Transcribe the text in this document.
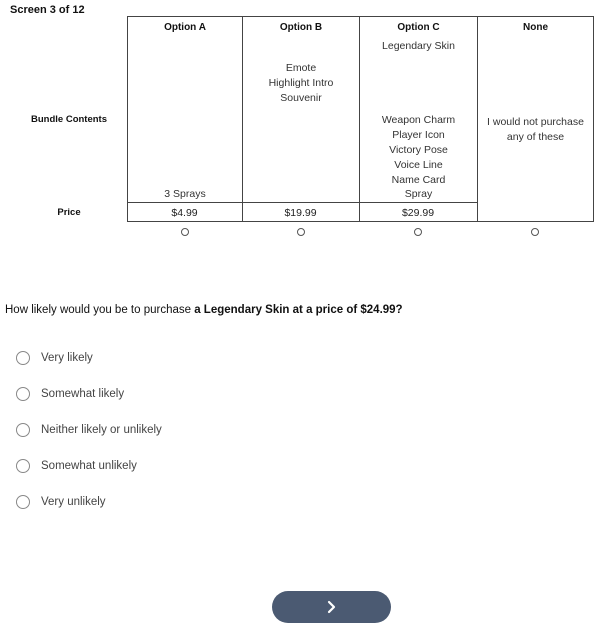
Screen 3 of 12
Bundle Contents
Price
Option A
3 Sprays
Option B
Emote
Highlight Intro
Souvenir
Option C
Legendary Skin
Weapon Charm
Player Icon
Victory Pose
Voice Line
Name Card
Spray
None
I would not purchase
any of these
$4.99	$19.99	$29.99
How likely would you be to purchase a Legendary Skin at a price of $24.99?
Very likely
Somewhat likely
Neither likely or unlikely
Somewhat unlikely
Very unlikely
